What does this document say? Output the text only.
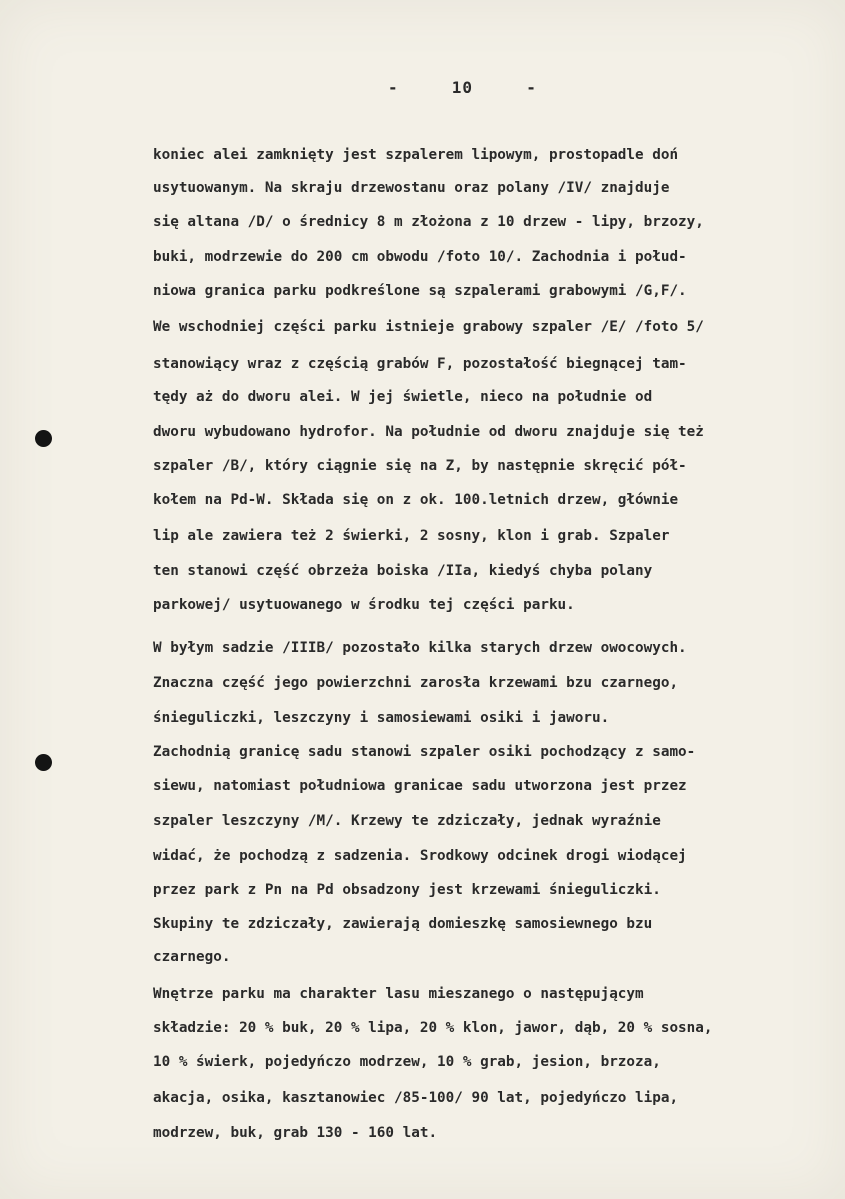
-     10     -
koniec alei zamknięty jest szpalerem lipowym, prostopadle doń
usytuowanym. Na skraju drzewostanu oraz polany /IV/ znajduje
się altana /D/ o średnicy 8 m złożona z 10 drzew - lipy, brzozy,
buki, modrzewie do 200 cm obwodu /foto 10/. Zachodnia i połud-
niowa granica parku podkreślone są szpalerami grabowymi /G,F/.
We wschodniej części parku istnieje grabowy szpaler /E/ /foto 5/
stanowiący wraz z częścią grabów F, pozostałość biegnącej tam-
tędy aż do dworu alei. W jej świetle, nieco na południe od
dworu wybudowano hydrofor. Na południe od dworu znajduje się też
szpaler /B/, który ciągnie się na Z, by następnie skręcić pół-
kołem na Pd-W. Składa się on z ok. 100.letnich drzew, głównie
lip ale zawiera też 2 świerki, 2 sosny, klon i grab. Szpaler
ten stanowi część obrzeża boiska /IIa, kiedyś chyba polany
parkowej/ usytuowanego w środku tej części parku.
W byłym sadzie /IIIB/ pozostało kilka starych drzew owocowych.
Znaczna część jego powierzchni zarosła krzewami bzu czarnego,
śnieguliczki, leszczyny i samosiewami osiki i jaworu.
Zachodnią granicę sadu stanowi szpaler osiki pochodzący z samo-
siewu, natomiast południowa granicae sadu utworzona jest przez
szpaler leszczyny /M/. Krzewy te zdziczały, jednak wyraźnie
widać, że pochodzą z sadzenia. Srodkowy odcinek drogi wiodącej
przez park z Pn na Pd obsadzony jest krzewami śnieguliczki.
Skupiny te zdziczały, zawierają domieszkę samosiewnego bzu
czarnego.
Wnętrze parku ma charakter lasu mieszanego o następującym
składzie: 20 % buk, 20 % lipa, 20 % klon, jawor, dąb, 20 % sosna,
10 % świerk, pojedyńczo modrzew, 10 % grab, jesion, brzoza,
akacja, osika, kasztanowiec /85-100/ 90 lat, pojedyńczo lipa,
modrzew, buk, grab 130 - 160 lat.
